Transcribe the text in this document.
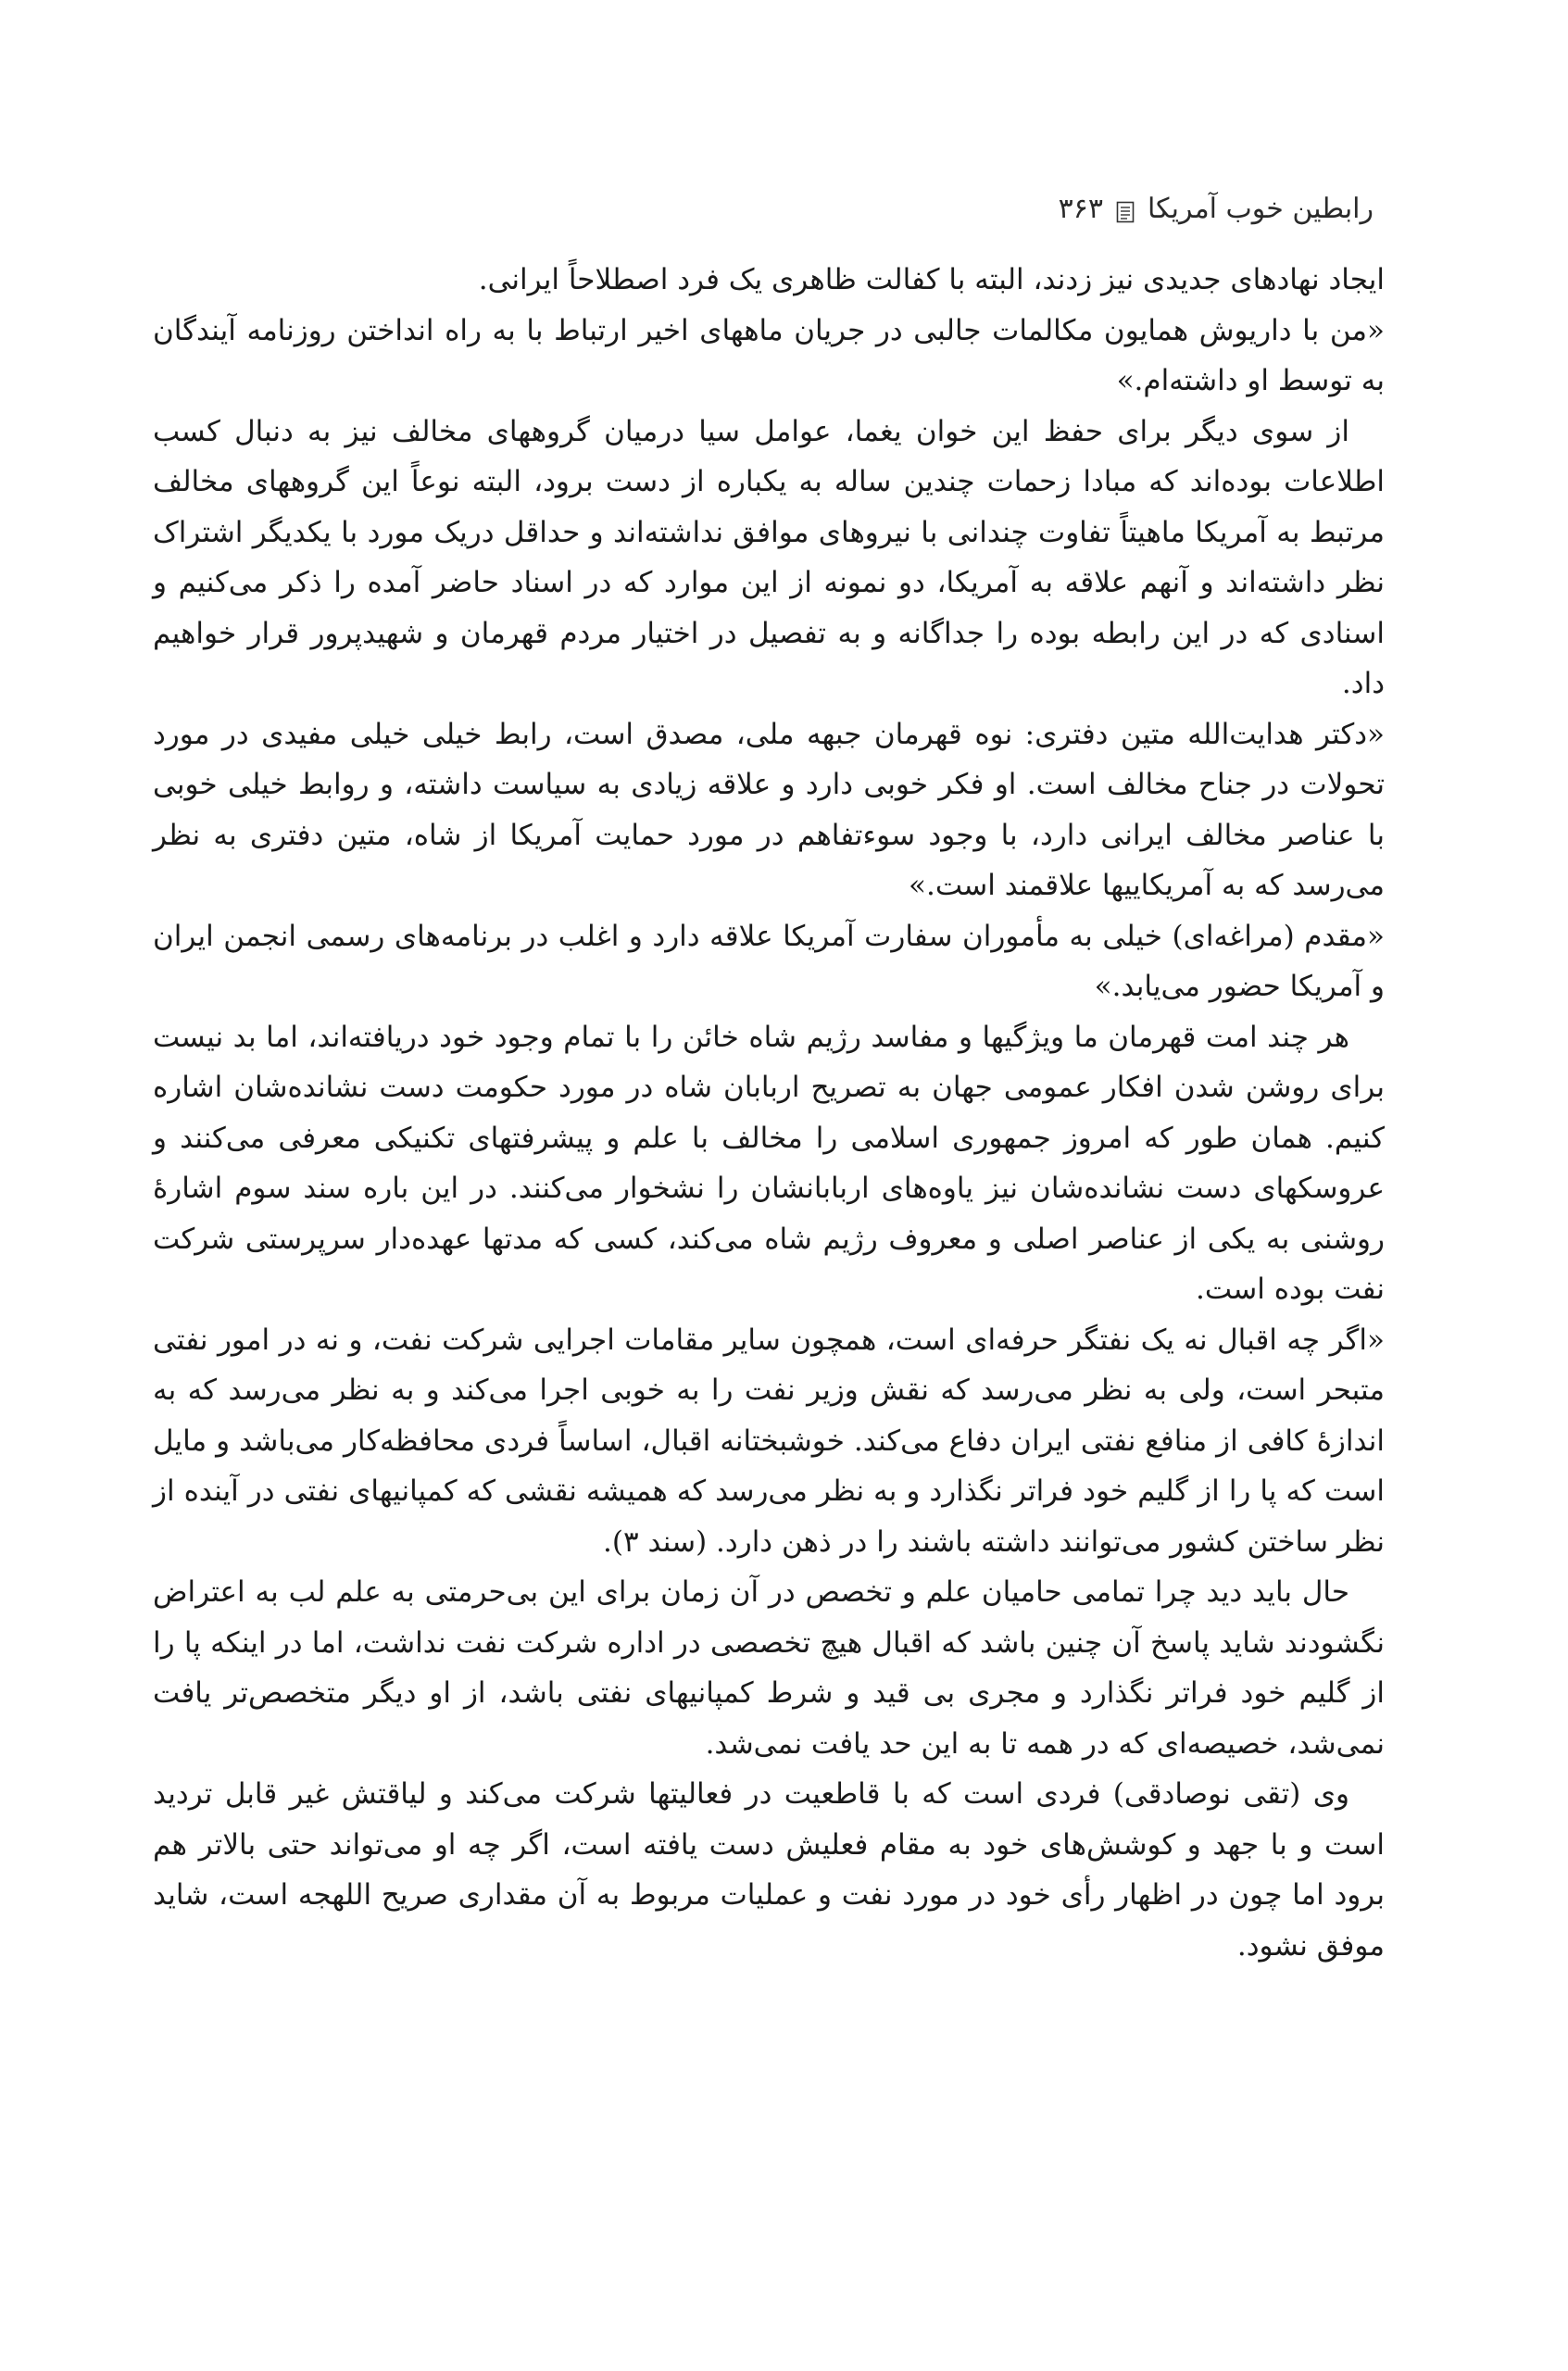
رابطین خوب آمریکا
۳۶۳

ایجاد نهادهای جدیدی نیز زدند، البته با کفالت ظاهری یک فرد اصطلاحاً ایرانی.

«من با داریوش همایون مکالمات جالبی در جریان ماههای اخیر ارتباط با به راه انداختن روزنامه آیندگان به توسط او داشته‌ام.»

از سوی دیگر برای حفظ این خوان یغما، عوامل سیا درمیان گروههای مخالف نیز به دنبال کسب اطلاعات بوده‌اند که مبادا زحمات چندین ساله به یکباره از دست برود، البته نوعاً این گروههای مخالف مرتبط به آمریکا ماهیتاً تفاوت چندانی با نیروهای موافق نداشته‌اند و حداقل دریک مورد با یکدیگر اشتراک نظر داشته‌اند و آنهم علاقه به آمریکا، دو نمونه از این موارد که در اسناد حاضر آمده را ذکر می‌کنیم و اسنادی که در این رابطه بوده را جداگانه و به تفصیل در اختیار مردم قهرمان و شهیدپرور قرار خواهیم داد.

«دکتر هدایت‌الله متین دفتری: نوه قهرمان جبهه ملی، مصدق است، رابط خیلی خیلی مفیدی در مورد تحولات در جناح مخالف است. او فکر خوبی دارد و علاقه زیادی به سیاست داشته، و روابط خیلی خوبی با عناصر مخالف ایرانی دارد، با وجود سوءتفاهم در مورد حمایت آمریکا از شاه، متین دفتری به نظر می‌رسد که به آمریکاییها علاقمند است.»

«مقدم (مراغه‌ای) خیلی به مأموران سفارت آمریکا علاقه دارد و اغلب در برنامه‌های رسمی انجمن ایران و آمریکا حضور می‌یابد.»

هر چند امت قهرمان ما ویژگیها و مفاسد رژیم شاه خائن را با تمام وجود خود دریافته‌اند، اما بد نیست برای روشن شدن افکار عمومی جهان به تصریح اربابان شاه در مورد حکومت دست نشانده‌شان اشاره کنیم. همان طور که امروز جمهوری اسلامی را مخالف با علم و پیشرفتهای تکنیکی معرفی می‌کنند و عروسکهای دست نشانده‌شان نیز یاوه‌های اربابانشان را نشخوار می‌کنند. در این باره سند سوم اشارهٔ روشنی به یکی از عناصر اصلی و معروف رژیم شاه می‌کند، کسی که مدتها عهده‌دار سرپرستی شرکت نفت بوده است.

«اگر چه اقبال نه یک نفتگر حرفه‌ای است، همچون سایر مقامات اجرایی شرکت نفت، و نه در امور نفتی متبحر است، ولی به نظر می‌رسد که نقش وزیر نفت را به خوبی اجرا می‌کند و به نظر می‌رسد که به اندازهٔ کافی از منافع نفتی ایران دفاع می‌کند. خوشبختانه اقبال، اساساً فردی محافظه‌کار می‌باشد و مایل است که پا را از گلیم خود فراتر نگذارد و به نظر می‌رسد که همیشه نقشی که کمپانیهای نفتی در آینده از نظر ساختن کشور می‌توانند داشته باشند را در ذهن دارد. (سند ۳).

حال باید دید چرا تمامی حامیان علم و تخصص در آن زمان برای این بی‌حرمتی به علم لب به اعتراض نگشودند شاید پاسخ آن چنین باشد که اقبال هیچ تخصصی در اداره شرکت نفت نداشت، اما در اینکه پا را از گلیم خود فراتر نگذارد و مجری بی قید و شرط کمپانیهای نفتی باشد، از او دیگر متخصص‌تر یافت نمی‌شد، خصیصه‌ای که در همه تا به این حد یافت نمی‌شد.

وی (تقی نوصادقی) فردی است که با قاطعیت در فعالیتها شرکت می‌کند و لیاقتش غیر قابل تردید است و با جهد و کوشش‌های خود به مقام فعلیش دست یافته است، اگر چه او می‌تواند حتی بالاتر هم برود اما چون در اظهار رأی خود در مورد نفت و عملیات مربوط به آن مقداری صریح اللهجه است، شاید موفق نشود.
